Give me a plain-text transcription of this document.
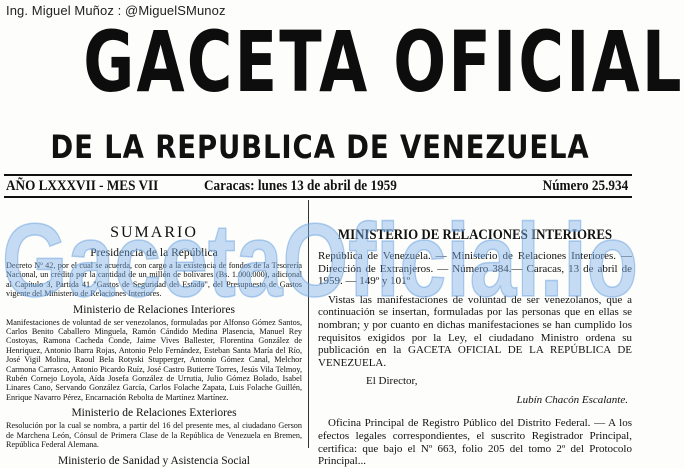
Ing. Miguel Muñoz : @MiguelSMunoz
GACETA OFICIAL
DE LA REPUBLICA DE VENEZUELA
AÑO LXXXVII - MES VII	Caracas: lunes 13 de abril de 1959	Número 25.934
SUMARIO
Presidencia de la República
Decreto Nº 42, por el cual se acuerda, con cargo a la existencia de fondos de la Tesorería Nacional, un crédito por la cantidad de un millón de bolívares (Bs. 1.000.000), adicional al Capítulo 3, Partida 41 "Gastos de Seguridad del Estado", del Presupuesto de Gastos vigente del Ministerio de Relaciones Interiores.
Ministerio de Relaciones Interiores
Manifestaciones de voluntad de ser venezolanos, formuladas por Alfonso Gómez Santos, Carlos Benito Caballero Minguela, Ramón Cándido Medina Plasencia, Manuel Rey Costoyas, Ramona Cacheda Conde, Jaime Vives Ballester, Florentina González de Henriquez, Antonio Ibarra Rojas, Antonio Pelo Fernández, Esteban Santa María del Río, José Vigil Molina, Raoul Bela Rotyski Stupperger, Antonio Gómez Canal, Melchor Carmona Carrasco, Antonio Picardo Ruíz, José Castro Butierre Torres, Jesús Vila Telmoy, Rubén Cornejo Loyola, Aída Josefa González de Urrutia, Julio Gómez Bolado, Isabel Linares Cano, Servando González García, Carlos Folache Zapata, Luis Folache Guillén, Enrique Navarro Pérez, Encarnación Rebolta de Martínez Martínez.
Ministerio de Relaciones Exteriores
Resolución por la cual se nombra, a partir del 16 del presente mes, al ciudadano Gerson de Marchena León, Cónsul de Primera Clase de la República de Venezuela en Bremen, República Federal Alemana.
Ministerio de Sanidad y Asistencia Social
MINISTERIO DE RELACIONES INTERIORES
República de Venezuela. — Ministerio de Relaciones Interiores. — Dirección de Extranjeros. — Número 384.— Caracas, 13 de abril de 1959. — 149º y 101º
Vistas las manifestaciones de voluntad de ser venezolanos, que a continuación se insertan, formuladas por las personas que en ellas se nombran; y por cuanto en dichas manifestaciones se han cumplido los requisitos exigidos por la Ley, el ciudadano Ministro ordena su publicación en la GACETA OFICIAL DE LA REPÚBLICA DE VENEZUELA.
El Director,
Lubín Chacón Escalante.
Oficina Principal de Registro Público del Distrito Federal. — A los efectos legales correspondientes, el suscrito Registrador Principal, certifica: que bajo el Nº 663, folio 205 del tomo 2º del Protocolo Principal...
GacetaOficial.io
